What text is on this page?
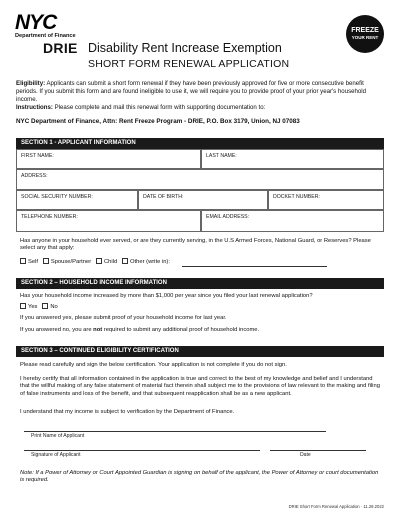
NYC
Department of Finance
DRIE Disability Rent Increase Exemption
SHORT FORM RENEWAL APPLICATION
FREEZE
YOUR RENT
Eligibility: Applicants can submit a short form renewal if they have been previously approved for five or more consecutive benefit periods. If you submit this form and are found ineligible to use it, we will require you to provide proof of your prior year's household income.
Instructions: Please complete and mail this renewal form with supporting documentation to:
NYC Department of Finance, Attn: Rent Freeze Program - DRIE, P.O. Box 3179, Union, NJ 07083
SECTION 1 - APPLICANT INFORMATION
FIRST NAME:	LAST NAME:
ADDRESS:
SOCIAL SECURITY NUMBER:	DATE OF BIRTH:	DOCKET NUMBER:
TELEPHONE NUMBER:	EMAIL ADDRESS:
Has anyone in your household ever served, or are they currently serving, in the U.S Armed Forces, National Guard, or Reserves? Please select any that apply:
Self Spouse/Partner Child Other (write in):
SECTION 2 – HOUSEHOLD INCOME INFORMATION
Has your household income increased by more than $1,000 per year since you filed your last renewal application?
Yes No
If you answered yes, please submit proof of your household income for last year.
If you answered no, you are not required to submit any additional proof of household income.
SECTION 3 – CONTINUED ELIGIBILITY CERTIFICATION
Please read carefully and sign the below certification. Your application is not complete if you do not sign.
I hereby certify that all information contained in the application is true and correct to the best of my knowledge and belief and I understand that the willful making of any false statement of material fact therein shall subject me to the provisions of law relevant to the making and filing of false instruments and loss of the benefit, and that subsequent reapplication shall be as a new applicant.
I understand that my income is subject to verification by the Department of Finance.
Print Name of Applicant
Signature of Applicant	Date
Note: If a Power of Attorney or Court Appointed Guardian is signing on behalf of the applicant, the Power of Attorney or court documentation is required.
DRIE Short Form Renewal Application · 11.29.2022
